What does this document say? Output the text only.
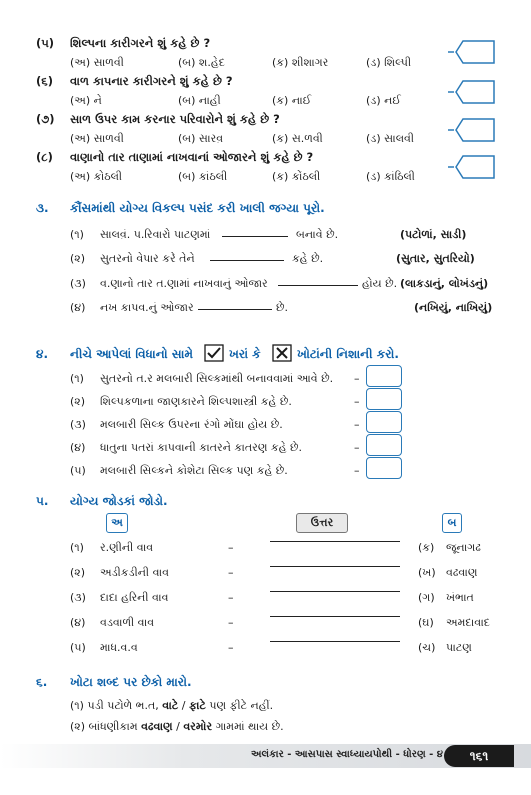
(૫) શિલ્પના કારીગરને શું કહે છે ?
(અ) સાળવી	(બ) શ.હેદ	(ક) શીશાગર	(ડ) શિલ્પી
(૬) વાળ કાપનાર કારીગરને શું કહે છે ?
(અ) ને	(બ) નાહી	(ક) નાઈ	(ડ) નઈ
(૭) સાળ ઉપર કામ કરનાર પરિવારોને શું કહે છે ?
(અ) સાળવી	(બ) સારવ઼	(ક) સ.ળવી	(ડ) સાલવી
(૮) વાણાનો તાર તાણામાં નાખવાનાં ઓજારને શું કહે છે ?
(અ) કોઠલી	(બ) કાંઠલી	(ક) કોંઠલી	(ડ) કાંઠિલી
૩. કૌંસમાંથી યોગ્ય વિકલ્પ પસંદ કરી ખાલી જગ્યા પૂરો.
(૧) સાલવ઼ં. પ.રિવારો પાટણમાં	બનાવે છે.	(પટોળાં, સાડી)
(૨) સુતરનો વેપાર કરે તેને	કહે છે.	(સુતાર, સુતરિયો)
(૩) વ.ણાનો તાર ત.ણામાં નાખવાનું ઓજાર	હોય છે. (લાકડાનું, લોખંડનું)
(૪) નખ કાપવ.નું ઓજાર	છે.	(નખિયું, નાખિયું)
૪. નીચે આપેલાં વિધાનો સામે	ખરાં કે	ખોટાંની નિશાની કરો.
(૧) સુતરનો ત.ર મલબારી સિલ્કમાંથી બનાવવામાં આવે છે. –
(૨) શિલ્પકળાના જાણકારને શિલ્પશાસ્ત્રી કહે છે.	–
(૩) મલબારી સિલ્ક ઉપરના રંગો મોંઘા હોય છે.	–
(૪) ધાતુના પતરાં કાપવાની કાતરને કાતરણ કહે છે.	–
(૫) મલબારી સિલ્કને કોશેટા સિલ્ક પણ કહે છે.	–
૫. યોગ્ય જોડકાં જોડો.
અ	ઉત્તર	બ
(૧) ર.ણીની વાવ	–	(ક) જૂનાગઢ
(૨) અડીકડીની વાવ	–	(ખ) વઢવાણ
(૩) દાદા હરિની વાવ	–	(ગ) ખંભાત
(૪) વડવાળી વાવ	–	(ઘ) અમદાવાદ
(૫) માધ.વ.વ	–	(ચ) પાટણ
૬. ખોટા શબ્દ પર છેકો મારો.
(૧) પડી પટોળે ભ.ત, વાટે / ફાટે પણ ફીટે નહીં.
(૨) બાંધણીકામ વઢવાણ / વરમોર ગામમાં થાય છે.
અલંકાર - આસપાસ સ્વાધ્યાયપોથી - ધોરણ - ૪	૧૬૧
